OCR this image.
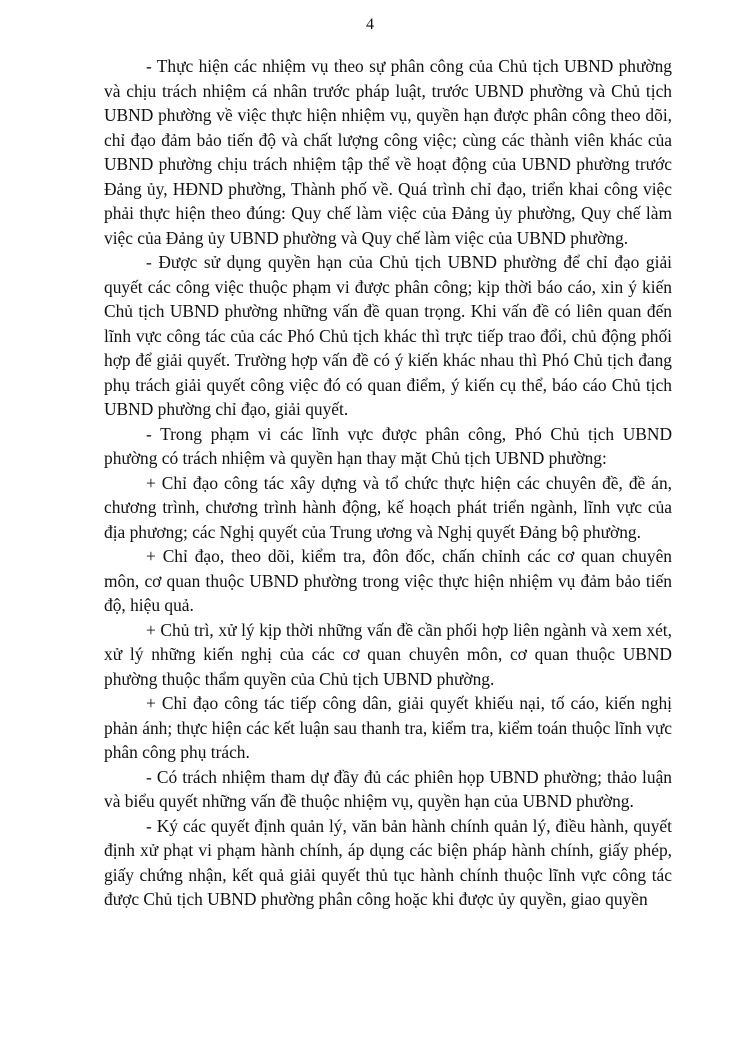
4

- Thực hiện các nhiệm vụ theo sự phân công của Chủ tịch UBND phường và chịu trách nhiệm cá nhân trước pháp luật, trước UBND phường và Chủ tịch UBND phường về việc thực hiện nhiệm vụ, quyền hạn được phân công theo dõi, chỉ đạo đảm bảo tiến độ và chất lượng công việc; cùng các thành viên khác của UBND phường chịu trách nhiệm tập thể về hoạt động của UBND phường trước Đảng ủy, HĐND phường, Thành phố về. Quá trình chỉ đạo, triển khai công việc phải thực hiện theo đúng: Quy chế làm việc của Đảng ủy phường, Quy chế làm việc của Đảng ủy UBND phường và Quy chế làm việc của UBND phường.

- Được sử dụng quyền hạn của Chủ tịch UBND phường để chỉ đạo giải quyết các công việc thuộc phạm vi được phân công; kịp thời báo cáo, xin ý kiến Chủ tịch UBND phường những vấn đề quan trọng. Khi vấn đề có liên quan đến lĩnh vực công tác của các Phó Chủ tịch khác thì trực tiếp trao đổi, chủ động phối hợp để giải quyết. Trường hợp vấn đề có ý kiến khác nhau thì Phó Chủ tịch đang phụ trách giải quyết công việc đó có quan điểm, ý kiến cụ thể, báo cáo Chủ tịch UBND phường chỉ đạo, giải quyết.

- Trong phạm vi các lĩnh vực được phân công, Phó Chủ tịch UBND phường có trách nhiệm và quyền hạn thay mặt Chủ tịch UBND phường:

+ Chỉ đạo công tác xây dựng và tổ chức thực hiện các chuyên đề, đề án, chương trình, chương trình hành động, kế hoạch phát triển ngành, lĩnh vực của địa phương; các Nghị quyết của Trung ương và Nghị quyết Đảng bộ phường.

+ Chỉ đạo, theo dõi, kiểm tra, đôn đốc, chấn chỉnh các cơ quan chuyên môn, cơ quan thuộc UBND phường trong việc thực hiện nhiệm vụ đảm bảo tiến độ, hiệu quả.

+ Chủ trì, xử lý kịp thời những vấn đề cần phối hợp liên ngành và xem xét, xử lý những kiến nghị của các cơ quan chuyên môn, cơ quan thuộc UBND phường thuộc thẩm quyền của Chủ tịch UBND phường.

+ Chỉ đạo công tác tiếp công dân, giải quyết khiếu nại, tố cáo, kiến nghị phản ánh; thực hiện các kết luận sau thanh tra, kiểm tra, kiểm toán thuộc lĩnh vực phân công phụ trách.

- Có trách nhiệm tham dự đầy đủ các phiên họp UBND phường; thảo luận và biểu quyết những vấn đề thuộc nhiệm vụ, quyền hạn của UBND phường.

- Ký các quyết định quản lý, văn bản hành chính quản lý, điều hành, quyết định xử phạt vi phạm hành chính, áp dụng các biện pháp hành chính, giấy phép, giấy chứng nhận, kết quả giải quyết thủ tục hành chính thuộc lĩnh vực công tác được Chủ tịch UBND phường phân công hoặc khi được ủy quyền, giao quyền
